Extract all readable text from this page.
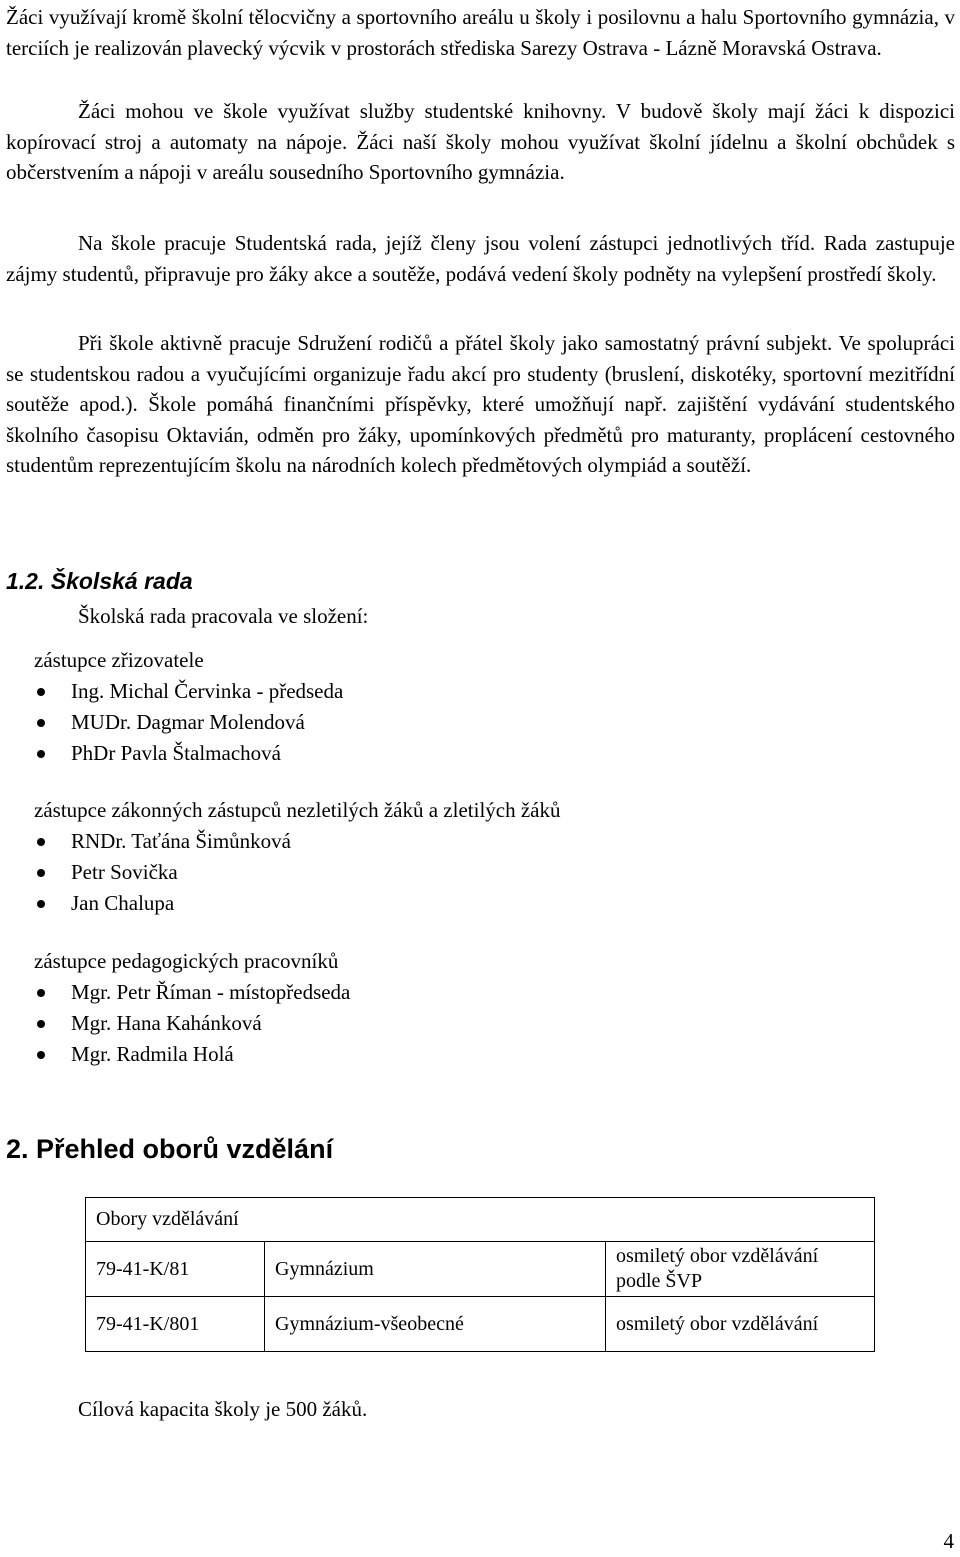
Žáci využívají kromě školní tělocvičny a sportovního areálu u školy i posilovnu a halu Sportovního gymnázia, v terciích je realizován plavecký výcvik v prostorách střediska Sarezy Ostrava - Lázně Moravská Ostrava.

Žáci mohou ve škole využívat služby studentské knihovny. V budově školy mají žáci k dispozici kopírovací stroj a automaty na nápoje. Žáci naší školy mohou využívat školní jídelnu a školní obchůdek s občerstvením a nápoji v areálu sousedního Sportovního gymnázia.

Na škole pracuje Studentská rada, jejíž členy jsou volení zástupci jednotlivých tříd. Rada zastupuje zájmy studentů, připravuje pro žáky akce a soutěže, podává vedení školy podněty na vylepšení prostředí školy.

Při škole aktivně pracuje Sdružení rodičů a přátel školy jako samostatný právní subjekt. Ve spolupráci se studentskou radou a vyučujícími organizuje řadu akcí pro studenty (bruslení, diskotéky, sportovní mezitřídní soutěže apod.). Škole pomáhá finančními příspěvky, které umožňují např. zajištění vydávání studentského školního časopisu Oktavián, odměn pro žáky, upomínkových předmětů pro maturanty, proplácení cestovného studentům reprezentujícím školu na národních kolech předmětových olympiád a soutěží.

1.2. Školská rada

Školská rada pracovala ve složení:

zástupce zřizovatele

Ing. Michal Červinka - předseda
MUDr. Dagmar Molendová
PhDr Pavla Štalmachová

zástupce zákonných zástupců nezletilých žáků a zletilých žáků

RNDr. Taťána Šimůnková
Petr Sovička
Jan Chalupa

zástupce pedagogických pracovníků

Mgr. Petr Říman - místopředseda
Mgr. Hana Kahánková
Mgr. Radmila Holá
2. Přehled oborů vzdělání
Obory vzdělávání		
79-41-K/81	Gymnázium	osmiletý obor vzdělávání
podle ŠVP
79-41-K/801	Gymnázium-všeobecné	osmiletý obor vzdělávání

Cílová kapacita školy je 500 žáků.

4
